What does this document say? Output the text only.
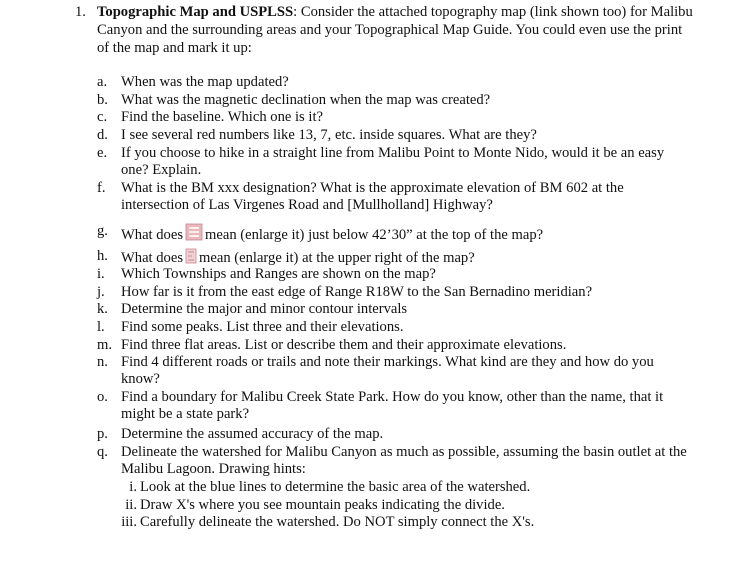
1. Topographic Map and USPLSS: Consider the attached topography map (link shown too) for Malibu Canyon and the surrounding areas and your Topographical Map Guide. You could even use the print of the map and mark it up:
a. When was the map updated?
b. What was the magnetic declination when the map was created?
c. Find the baseline. Which one is it?
d. I see several red numbers like 13, 7, etc. inside squares. What are they?
e. If you choose to hike in a straight line from Malibu Point to Monte Nido, would it be an easy one? Explain.
f. What is the BM xxx designation? What is the approximate elevation of BM 602 at the intersection of Las Virgenes Road and [Mullholland] Highway?
g. What does mean (enlarge it) just below 42’30” at the top of the map?
h. What does mean (enlarge it) at the upper right of the map?
i. Which Townships and Ranges are shown on the map?
j. How far is it from the east edge of Range R18W to the San Bernadino meridian?
k. Determine the major and minor contour intervals
l. Find some peaks. List three and their elevations.
m. Find three flat areas. List or describe them and their approximate elevations.
n. Find 4 different roads or trails and note their markings. What kind are they and how do you know?
o. Find a boundary for Malibu Creek State Park. How do you know, other than the name, that it might be a state park?
p. Determine the assumed accuracy of the map.
q. Delineate the watershed for Malibu Canyon as much as possible, assuming the basin outlet at the Malibu Lagoon. Drawing hints:
i. Look at the blue lines to determine the basic area of the watershed.
ii. Draw X's where you see mountain peaks indicating the divide.
iii. Carefully delineate the watershed. Do NOT simply connect the X's.
